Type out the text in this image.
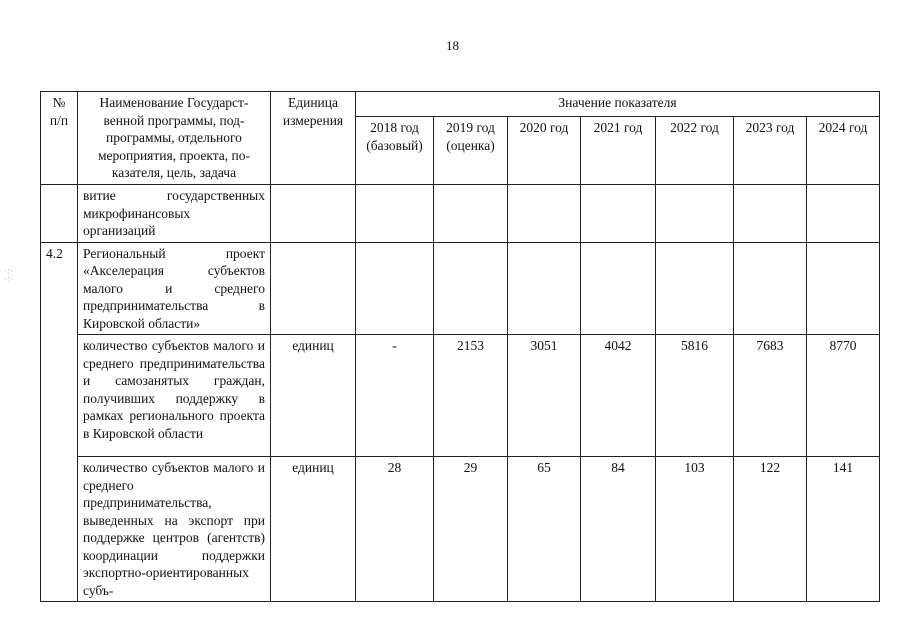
18
·:·
·:·
№ п/п	Наименование Государст-венной программы, под-программы, отдельного мероприятия, проекта, по-казателя, цель, задача	Единица измерения	Значение показателя						
			2018 год (базовый)	2019 год (оценка)	2020 год	2021 год	2022 год	2023 год	2024 год
	витие государственных микрофинансовых организаций								
4.2	Региональный проект «Акселерация субъектов малого и среднего предпринимательства в Кировской области»								
	количество субъектов малого и среднего предпринимательства и самозанятых граждан, получивших поддержку в рамках регионального проекта в Кировской области	единиц	-	2153	3051	4042	5816	7683	8770
	количество субъектов малого и среднего предпринимательства, выведенных на экспорт при поддержке центров (агентств) координации поддержки экспортно-ориентированных субъ-	единиц	28	29	65	84	103	122	141
